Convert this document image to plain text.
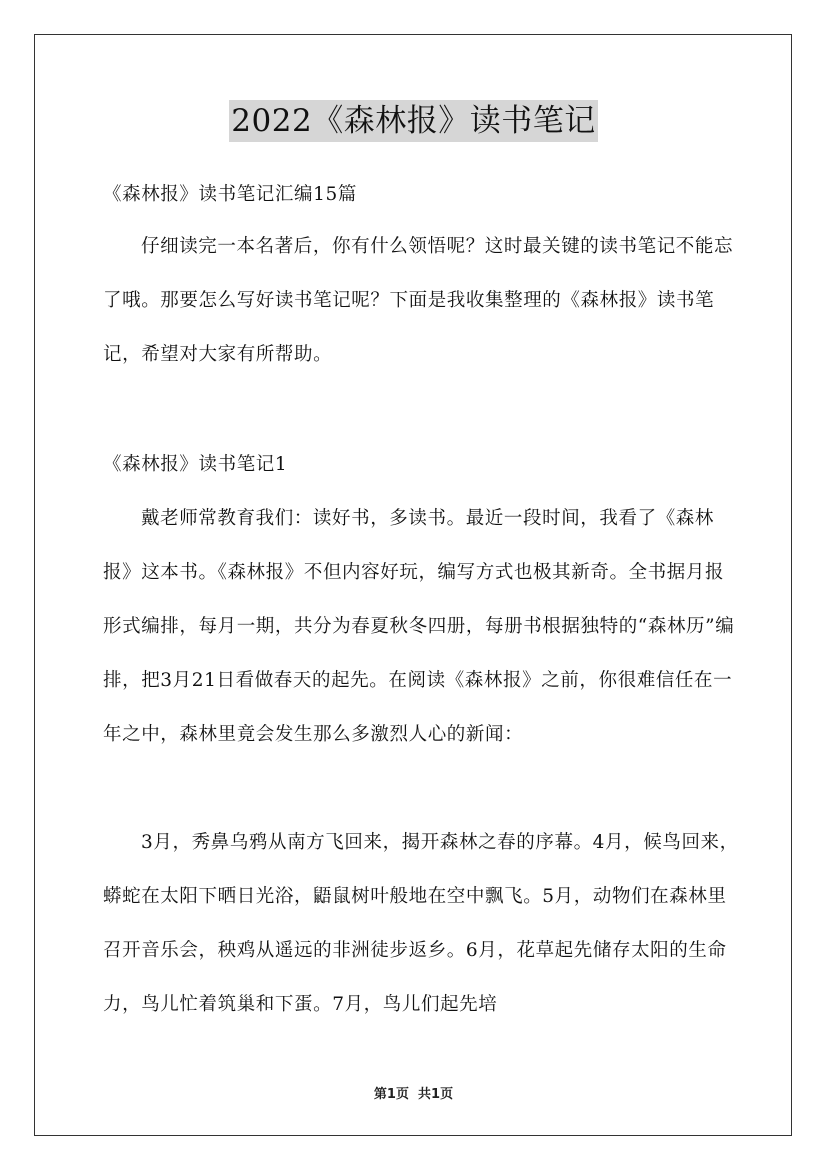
2022《森林报》读书笔记

《森林报》读书笔记汇编15篇

仔细读完一本名著后，你有什么领悟呢？这时最关键的读书笔记不能忘了哦。那要怎么写好读书笔记呢？下面是我收集整理的《森林报》读书笔记，希望对大家有所帮助。

《森林报》读书笔记1

戴老师常教育我们：读好书，多读书。最近一段时间，我看了《森林报》这本书。《森林报》不但内容好玩，编写方式也极其新奇。全书据月报形式编排，每月一期，共分为春夏秋冬四册，每册书根据独特的“森林历”编排，把3月21日看做春天的起先。在阅读《森林报》之前，你很难信任在一年之中，森林里竟会发生那么多激烈人心的新闻：

3月，秀鼻乌鸦从南方飞回来，揭开森林之春的序幕。4月，候鸟回来，蟒蛇在太阳下晒日光浴，鼯鼠树叶般地在空中飘飞。5月，动物们在森林里召开音乐会，秧鸡从遥远的非洲徒步返乡。6月，花草起先储存太阳的生命力，鸟儿忙着筑巢和下蛋。7月，鸟儿们起先培

第1页  共1页
